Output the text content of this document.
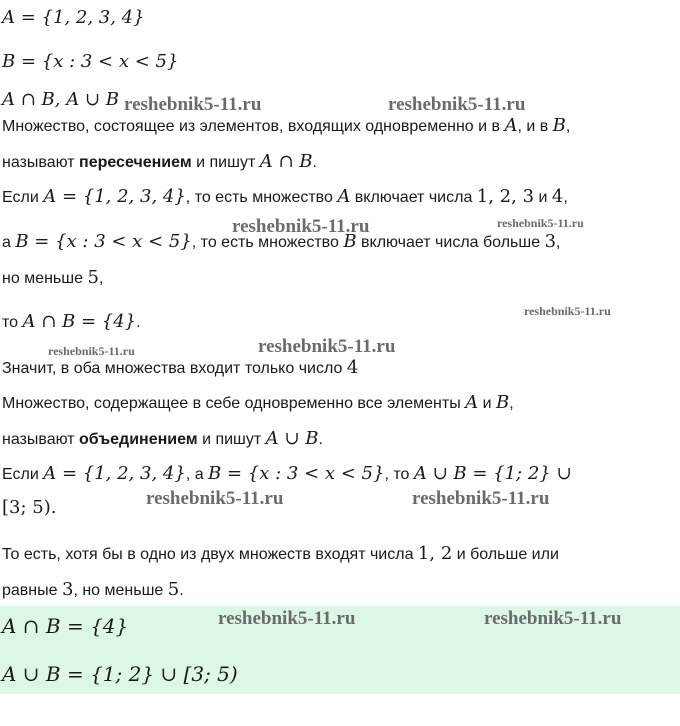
A = {1, 2, 3, 4}
B = {x : 3 < x < 5}
A ∩ B, A ∪ B
Множество, состоящее из элементов, входящих одновременно и в A, и в B,
называют пересечением и пишут A ∩ B.
Если A = {1, 2, 3, 4}, то есть множество A включает числа 1, 2, 3 и 4,
а B = {x : 3 < x < 5}, то есть множество B включает числа больше 3,
но меньше 5,
то A ∩ B = {4}.
Значит, в оба множества входит только число 4
Множество, содержащее в себе одновременно все элементы A и B,
называют объединением и пишут A ∪ B.
Если A = {1, 2, 3, 4}, а B = {x : 3 < x < 5}, то A ∪ B = {1; 2} ∪
[3; 5).
То есть, хотя бы в одно из двух множеств входят числа 1, 2 и больше или
равные 3, но меньше 5.
A ∩ B = {4}
A ∪ B = {1; 2} ∪ [3; 5)
reshebnik5-11.ru	reshebnik5-11.ru
reshebnik5-11.ru	reshebnik5-11.ru
reshebnik5-11.ru
reshebnik5-11.ru
reshebnik5-11.ru
reshebnik5-11.ru	reshebnik5-11.ru
reshebnik5-11.ru	reshebnik5-11.ru
